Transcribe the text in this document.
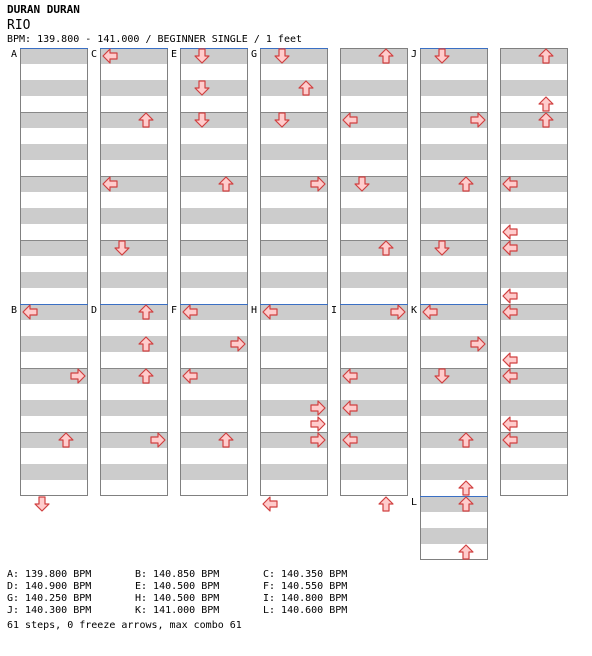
DURAN DURAN
RIO
BPM: 139.800 - 141.000 / BEGINNER SINGLE / 1 feet
A
B
C
D
E
F
G
H	I
J
K
L
A: 139.800 BPM	B: 140.850 BPM	C: 140.350 BPM
D: 140.900 BPM	E: 140.500 BPM	F: 140.550 BPM
G: 140.250 BPM	H: 140.500 BPM	I: 140.800 BPM
J: 140.300 BPM	K: 141.000 BPM	L: 140.600 BPM
61 steps, 0 freeze arrows, max combo 61
